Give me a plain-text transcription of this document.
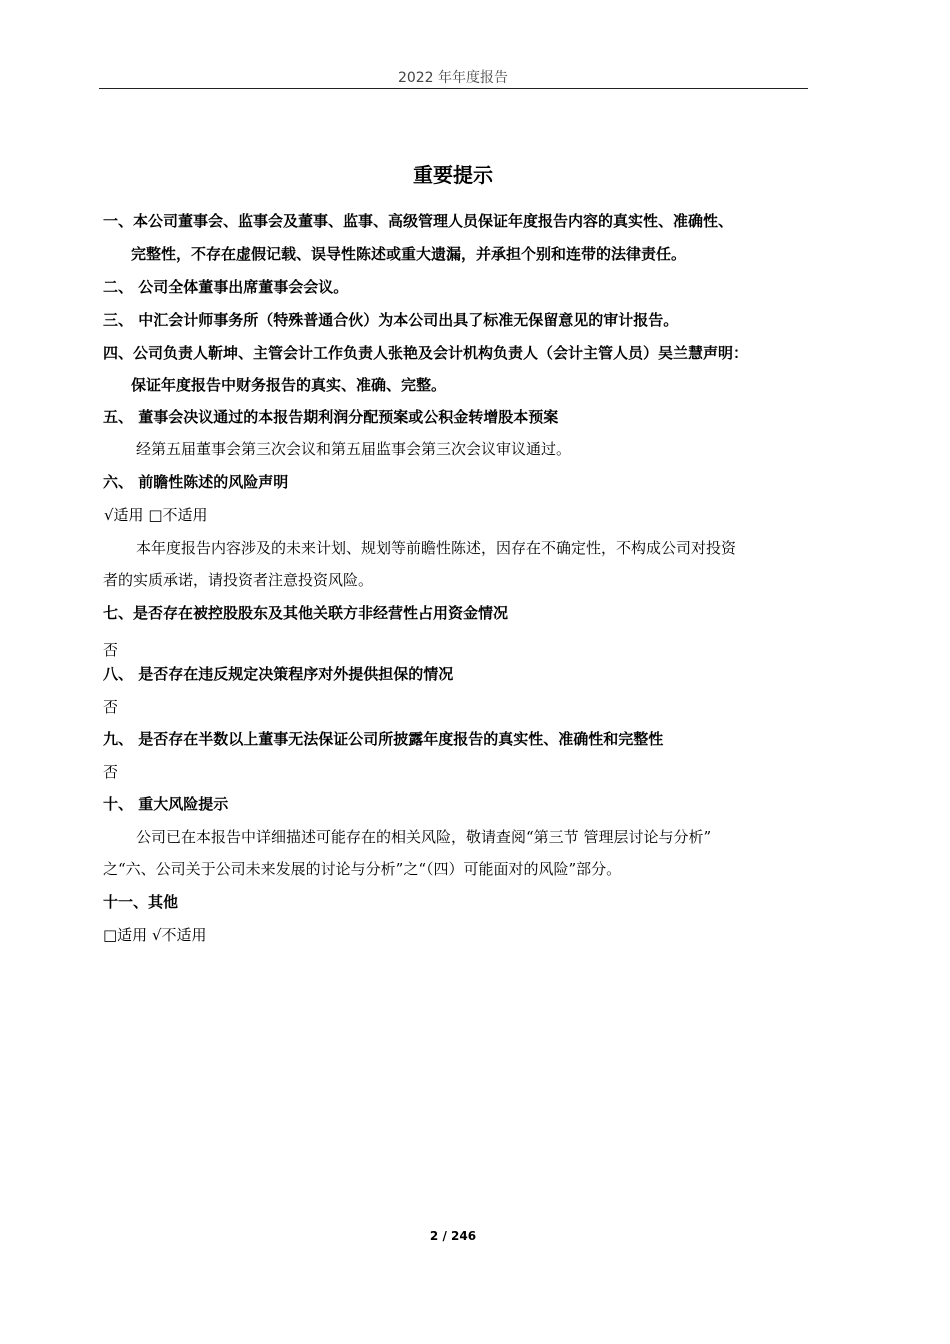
2022 年年度报告
重要提示
一、本公司董事会、监事会及董事、监事、高级管理人员保证年度报告内容的真实性、准确性、
完整性，不存在虚假记载、误导性陈述或重大遗漏，并承担个别和连带的法律责任。
二、 公司全体董事出席董事会会议。
三、 中汇会计师事务所（特殊普通合伙）为本公司出具了标准无保留意见的审计报告。
四、公司负责人靳坤、主管会计工作负责人张艳及会计机构负责人（会计主管人员）吴兰慧声明：
保证年度报告中财务报告的真实、准确、完整。
五、 董事会决议通过的本报告期利润分配预案或公积金转增股本预案
经第五届董事会第三次会议和第五届监事会第三次会议审议通过。
六、 前瞻性陈述的风险声明
√适用 □不适用
本年度报告内容涉及的未来计划、规划等前瞻性陈述，因存在不确定性，不构成公司对投资
者的实质承诺，请投资者注意投资风险。
七、是否存在被控股股东及其他关联方非经营性占用资金情况
否
八、 是否存在违反规定决策程序对外提供担保的情况
否
九、 是否存在半数以上董事无法保证公司所披露年度报告的真实性、准确性和完整性
否
十、 重大风险提示
公司已在本报告中详细描述可能存在的相关风险，敬请查阅“第三节 管理层讨论与分析”
之“六、公司关于公司未来发展的讨论与分析”之“（四）可能面对的风险”部分。
十一、其他
□适用 √不适用
2 / 246
